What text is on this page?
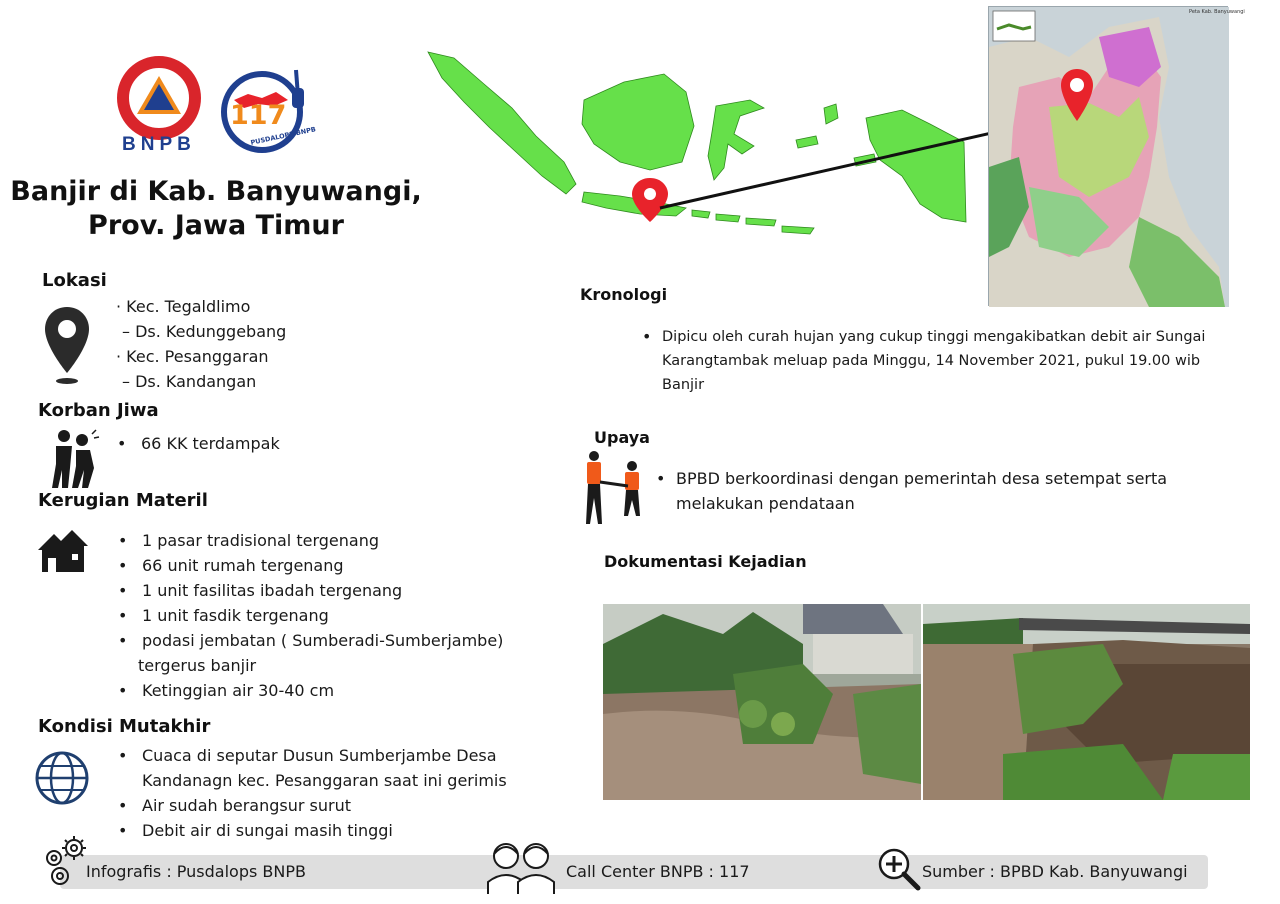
BNPB
117
PUSDALOPS BNPB
Banjir di Kab. Banyuwangi,
Prov. Jawa Timur
Peta Kab. Banyuwangi
Lokasi
· Kec. Tegaldlimo
– Ds. Kedunggebang
· Kec. Pesanggaran
– Ds. Kandangan
Korban Jiwa
• 66 KK terdampak
Kerugian Materil
• 1 pasar tradisional tergenang
• 66 unit rumah tergenang
• 1 unit fasilitas ibadah tergenang
• 1 unit fasdik tergenang
• podasi jembatan ( Sumberadi-Sumberjambe)
tergerus banjir
• Ketinggian air 30-40 cm
Kondisi Mutakhir
• Cuaca di seputar Dusun Sumberjambe Desa
Kandanagn kec. Pesanggaran saat ini gerimis
• Air sudah berangsur surut
• Debit air di sungai masih tinggi
Kronologi
• Dipicu oleh curah hujan yang cukup tinggi mengakibatkan debit air Sungai
Karangtambak meluap pada Minggu, 14 November 2021, pukul 19.00 wib
Banjir
Upaya
• BPBD berkoordinasi dengan pemerintah desa setempat serta
melakukan pendataan
Dokumentasi Kejadian
Infografis : Pusdalops BNPB	Call Center BNPB : 117	Sumber : BPBD Kab. Banyuwangi
